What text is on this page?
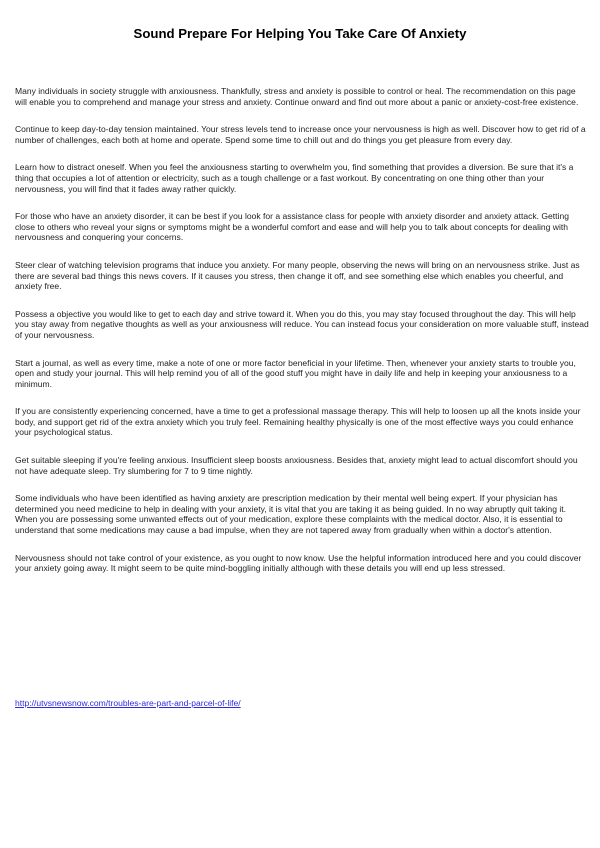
Sound Prepare For Helping You Take Care Of Anxiety

Many individuals in society struggle with anxiousness. Thankfully, stress and anxiety is possible to control or heal. The recommendation on this page will enable you to comprehend and manage your stress and anxiety. Continue onward and find out more about a panic or anxiety-cost-free existence.

Continue to keep day-to-day tension maintained. Your stress levels tend to increase once your nervousness is high as well. Discover how to get rid of a number of challenges, each both at home and operate. Spend some time to chill out and do things you get pleasure from every day.

Learn how to distract oneself. When you feel the anxiousness starting to overwhelm you, find something that provides a diversion. Be sure that it's a thing that occupies a lot of attention or electricity, such as a tough challenge or a fast workout. By concentrating on one thing other than your nervousness, you will find that it fades away rather quickly.

For those who have an anxiety disorder, it can be best if you look for a assistance class for people with anxiety disorder and anxiety attack. Getting close to others who reveal your signs or symptoms might be a wonderful comfort and ease and will help you to talk about concepts for dealing with nervousness and conquering your concerns.

Steer clear of watching television programs that induce you anxiety. For many people, observing the news will bring on an nervousness strike. Just as there are several bad things this news covers. If it causes you stress, then change it off, and see something else which enables you cheerful, and anxiety free.

Possess a objective you would like to get to each day and strive toward it. When you do this, you may stay focused throughout the day. This will help you stay away from negative thoughts as well as your anxiousness will reduce. You can instead focus your consideration on more valuable stuff, instead of your nervousness.

Start a journal, as well as every time, make a note of one or more factor beneficial in your lifetime. Then, whenever your anxiety starts to trouble you, open and study your journal. This will help remind you of all of the good stuff you might have in daily life and help in keeping your anxiousness to a minimum.

If you are consistently experiencing concerned, have a time to get a professional massage therapy. This will help to loosen up all the knots inside your body, and support get rid of the extra anxiety which you truly feel. Remaining healthy physically is one of the most effective ways you could enhance your psychological status.

Get suitable sleeping if you're feeling anxious. Insufficient sleep boosts anxiousness. Besides that, anxiety might lead to actual discomfort should you not have adequate sleep. Try slumbering for 7 to 9 time nightly.

Some individuals who have been identified as having anxiety are prescription medication by their mental well being expert. If your physician has determined you need medicine to help in dealing with your anxiety, it is vital that you are taking it as being guided. In no way abruptly quit taking it. When you are possessing some unwanted effects out of your medication, explore these complaints with the medical doctor. Also, it is essential to understand that some medications may cause a bad impulse, when they are not tapered away from gradually when within a doctor's attention.

Nervousness should not take control of your existence, as you ought to now know. Use the helpful information introduced here and you could discover your anxiety going away. It might seem to be quite mind-boggling initially although with these details you will end up less stressed.

http://utvsnewsnow.com/troubles-are-part-and-parcel-of-life/
